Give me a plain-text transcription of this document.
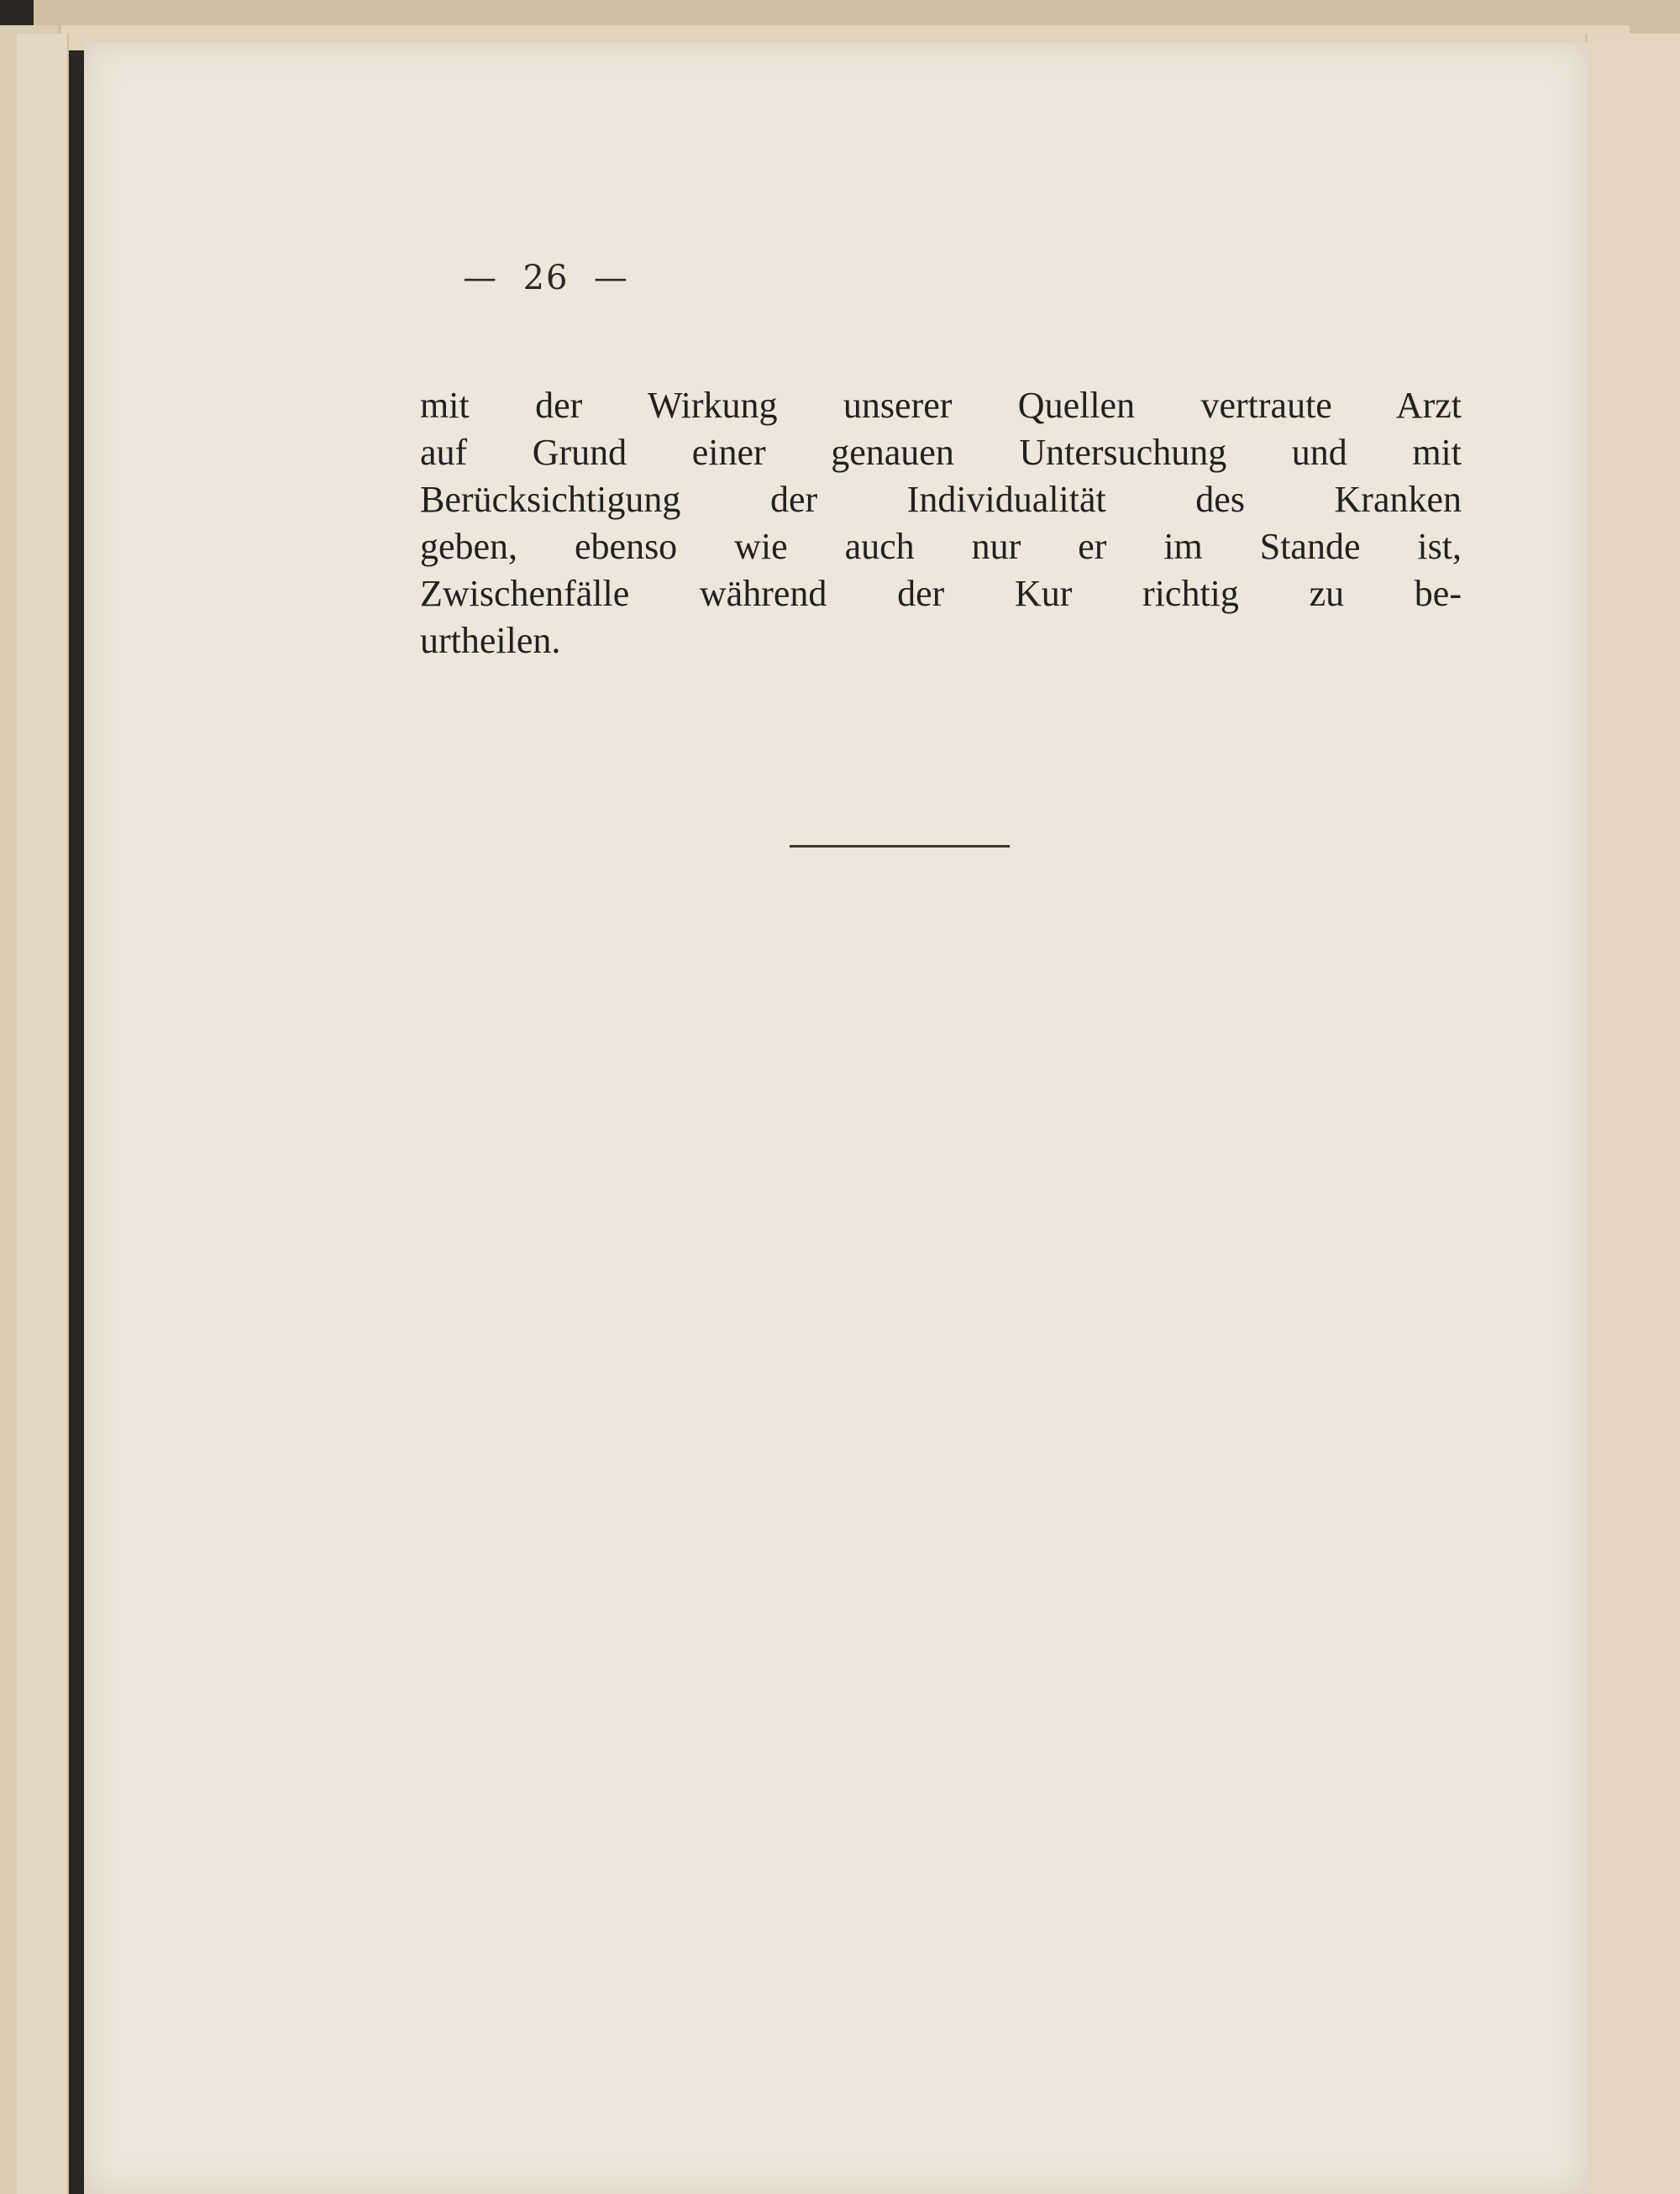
—  26  —

mit der Wirkung unserer Quellen vertraute Arzt
auf Grund einer genauen Untersuchung und mit
Berücksichtigung der Individualität des Kranken
geben, ebenso wie auch nur er im Stande ist,
Zwischenfälle während der Kur richtig zu be-
urtheilen.
